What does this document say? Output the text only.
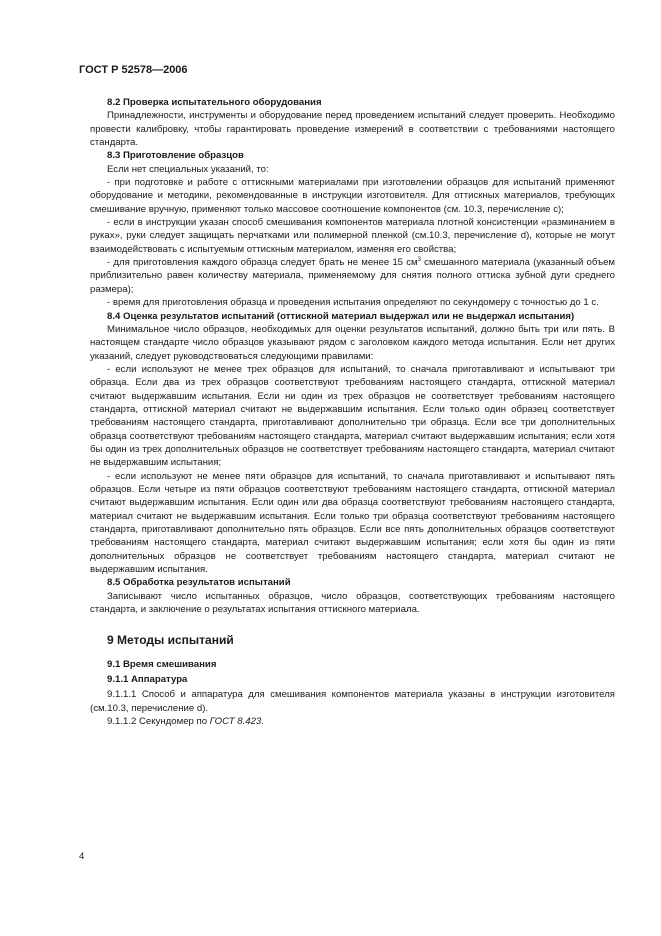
ГОСТ Р 52578—2006

8.2 Проверка испытательного оборудования

Принадлежности, инструменты и оборудование перед проведением испытаний следует проверить. Необходимо провести калибровку, чтобы гарантировать проведение измерений в соответствии с требованиями настоящего стандарта.

8.3 Приготовление образцов

Если нет специальных указаний, то:

- при подготовке и работе с оттискными материалами при изготовлении образцов для испытаний применяют оборудование и методики, рекомендованные в инструкции изготовителя. Для оттискных материалов, требующих смешивание вручную, применяют только массовое соотношение компонентов (см. 10.3, перечисление с);

- если в инструкции указан способ смешивания компонентов материала плотной консистенции «разминанием в руках», руки следует защищать перчатками или полимерной пленкой (см.10.3, перечисление d), которые не могут взаимодействовать с испытуемым оттискным материалом, изменяя его свойства;

- для приготовления каждого образца следует брать не менее 15 $см^3$ смешанного материала (указанный объем приблизительно равен количеству материала, применяемому для снятия полного оттиска зубной дуги среднего размера);

- время для приготовления образца и проведения испытания определяют по секундомеру с точностью до 1 с.

8.4 Оценка результатов испытаний (оттискной материал выдержал или не выдержал испытания)

Минимальное число образцов, необходимых для оценки результатов испытаний, должно быть три или пять. В настоящем стандарте число образцов указывают рядом с заголовком каждого метода испытания. Если нет других указаний, следует руководствоваться следующими правилами:

- если используют не менее трех образцов для испытаний, то сначала приготавливают и испытывают три образца. Если два из трех образцов соответствуют требованиям настоящего стандарта, оттискной материал считают выдержавшим испытания. Если ни один из трех образцов не соответствует требованиям настоящего стандарта, оттискной материал считают не выдержавшим испытания. Если только один образец соответствует требованиям настоящего стандарта, приготавливают дополнительно три образца. Если все три дополнительных образца соответствуют требованиям настоящего стандарта, материал считают выдержавшим испытания; если хотя бы один из трех дополнительных образцов не соответствует требованиям настоящего стандарта, материал считают не выдержавшим испытания;

- если используют не менее пяти образцов для испытаний, то сначала приготавливают и испытывают пять образцов. Если четыре из пяти образцов соответствуют требованиям настоящего стандарта, оттискной материал считают выдержавшим испытания. Если один или два образца соответствуют требованиям настоящего стандарта, материал считают не выдержавшим испытания. Если только три образца соответствуют требованиям настоящего стандарта, приготавливают дополнительно пять образцов. Если все пять дополнительных образцов соответствуют требованиям настоящего стандарта, материал считают выдержавшим испытания; если хотя бы один из пяти дополнительных образцов не соответствует требованиям настоящего стандарта, материал считают не выдержавшим испытания.

8.5 Обработка результатов испытаний

Записывают число испытанных образцов, число образцов, соответствующих требованиям настоящего стандарта, и заключение о результатах испытания оттискного материала.

9 Методы испытаний

9.1 Время смешивания

9.1.1 Аппаратура

9.1.1.1 Способ и аппаратура для смешивания компонентов материала указаны в инструкции изготовителя (см.10.3, перечисление d).

9.1.1.2 Секундомер по ГОСТ 8.423.

4
